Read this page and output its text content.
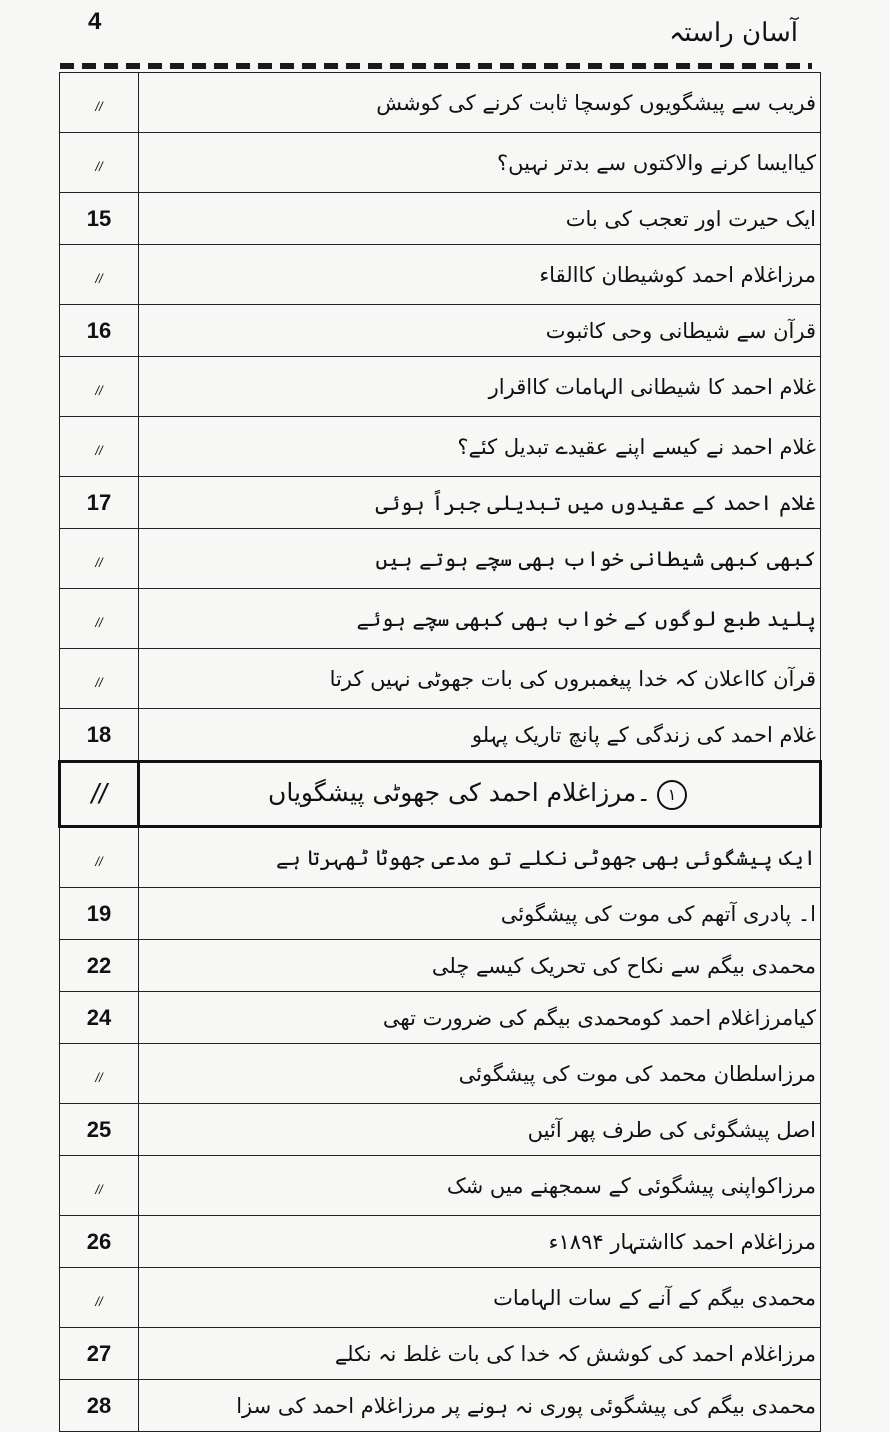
4	آسان راستہ
//	فریب سے پیشگویوں کوسچا ثابت کرنے کی کوشش
//	کیاایسا کرنے والاکتوں سے بدتر نہیں؟
15	ایک حیرت اور تعجب کی بات
//	مرزاغلام احمد کوشیطان کاالقاء
16	قرآن سے شیطانی وحی کاثبوت
//	غلام احمد کا شیطانی الہامات کااقرار
//	غلام احمد نے کیسے اپنے عقیدے تبدیل کئے؟
17	غلام احمد کے عقیدوں میں تبدیلی جبراً ہوئی
//	کبھی کبھی شیطانی خواب بھی سچے ہوتے ہیں
//	پلید طبع لوگوں کے خواب بھی کبھی سچے ہوئے
//	قرآن کااعلان کہ خدا پیغمبروں کی بات جھوٹی نہیں کرتا
18	غلام احمد کی زندگی کے پانچ تاریک پہلو
//	١۔مرزاغلام احمد کی جھوٹی پیشگویاں
//	ایک پیشگوئی بھی جھوٹی نکلے تو مدعی جھوٹا ٹھہرتا ہے
19	ا۔ پادری آتھم کی موت کی پیشگوئی
22	محمدی بیگم سے نکاح کی تحریک کیسے چلی
24	کیامرزاغلام احمد کومحمدی بیگم کی ضرورت تھی
//	مرزاسلطان محمد کی موت کی پیشگوئی
25	اصل پیشگوئی کی طرف پھر آئیں
//	مرزاکواپنی پیشگوئی کے سمجھنے میں شک
26	مرزاغلام احمد کااشتہار ۱۸۹۴ء
//	محمدی بیگم کے آنے کے سات الہامات
27	مرزاغلام احمد کی کوشش کہ خدا کی بات غلط نہ نکلے
28	محمدی بیگم کی پیشگوئی پوری نہ ہونے پر مرزاغلام احمد کی سزا
